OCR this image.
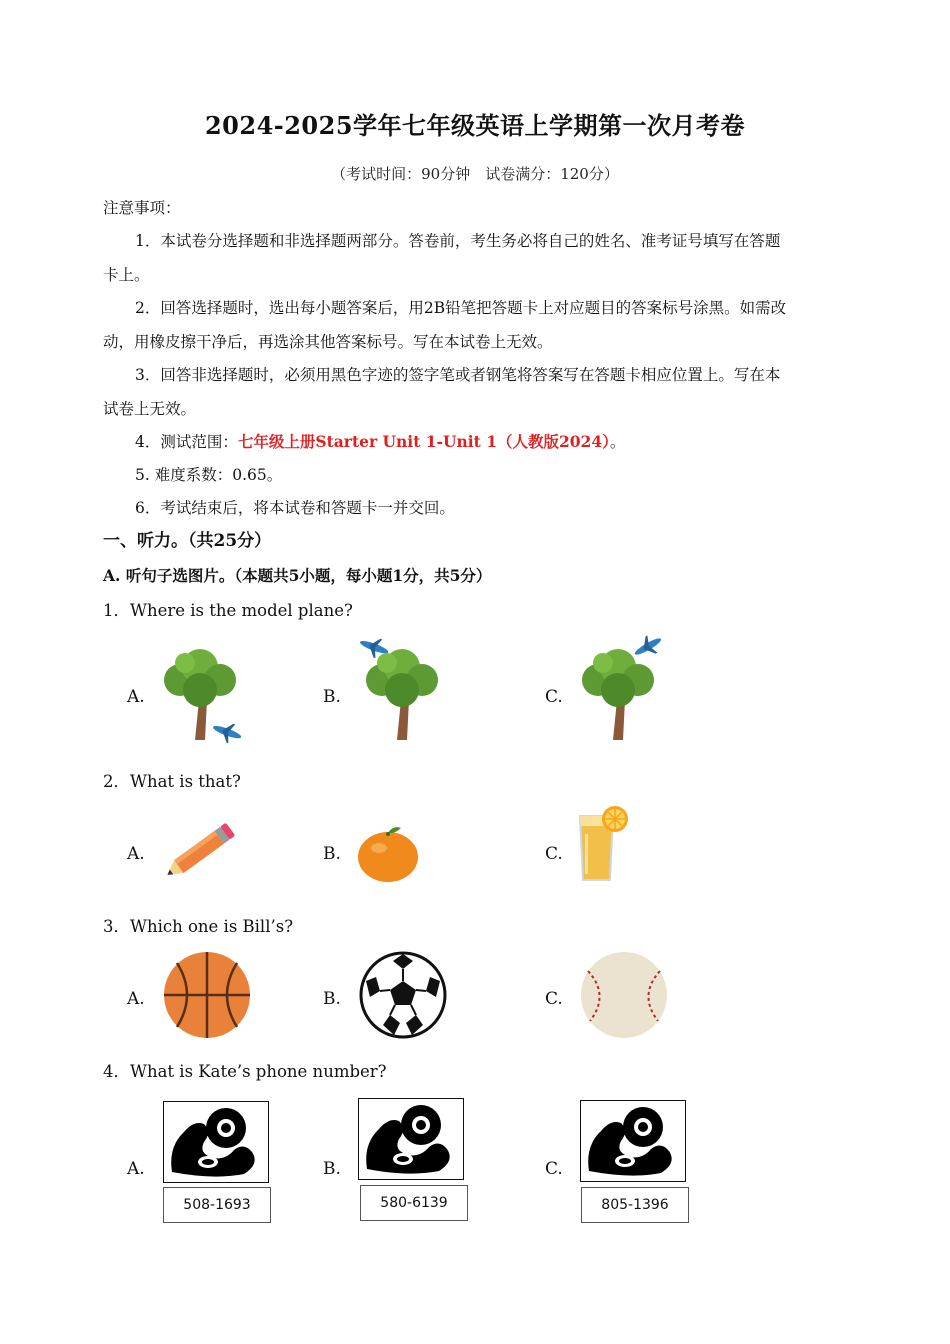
2024-2025学年七年级英语上学期第一次月考卷
（考试时间：90分钟　试卷满分：120分）
注意事项：
1．本试卷分选择题和非选择题两部分。答卷前，考生务必将自己的姓名、准考证号填写在答题
卡上。
2．回答选择题时，选出每小题答案后，用2B铅笔把答题卡上对应题目的答案标号涂黑。如需改
动，用橡皮擦干净后，再选涂其他答案标号。写在本试卷上无效。
3．回答非选择题时，必须用黑色字迹的签字笔或者钢笔将答案写在答题卡相应位置上。写在本
试卷上无效。
4．测试范围：七年级上册Starter Unit 1-Unit 1（人教版2024）。
5. 难度系数：0.65。
6．考试结束后，将本试卷和答题卡一并交回。
一、听力。（共25分）
A. 听句子选图片。（本题共5小题，每小题1分，共5分）
1．Where is the model plane?
A.	B.	C.
2．What is that?
A.	B.	C.
3．Which one is Bill’s?
A.	B.	C.
4．What is Kate’s phone number?
A.	B.	C.
508-1693	580-6139	805-1396
